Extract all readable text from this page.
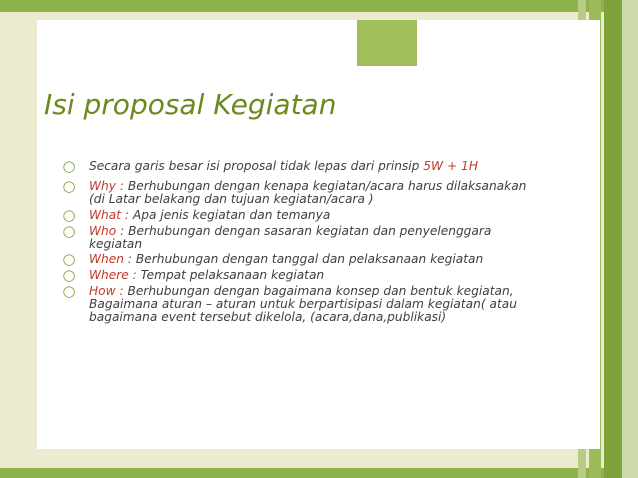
Isi proposal Kegiatan
○ Secara garis besar isi proposal tidak lepas dari prinsip 5W + 1H
○ Why : Berhubungan dengan kenapa kegiatan/acara harus dilaksanakan (di Latar belakang dan tujuan kegiatan/acara )
○ What : Apa jenis kegiatan dan temanya
○ Who : Berhubungan dengan sasaran kegiatan dan penyelenggara kegiatan
○ When : Berhubungan dengan tanggal dan pelaksanaan kegiatan
○ Where : Tempat pelaksanaan kegiatan
○ How : Berhubungan dengan bagaimana konsep dan bentuk kegiatan, Bagaimana aturan – aturan untuk berpartisipasi dalam kegiatan( atau bagaimana event tersebut dikelola, (acara,dana,publikasi)
